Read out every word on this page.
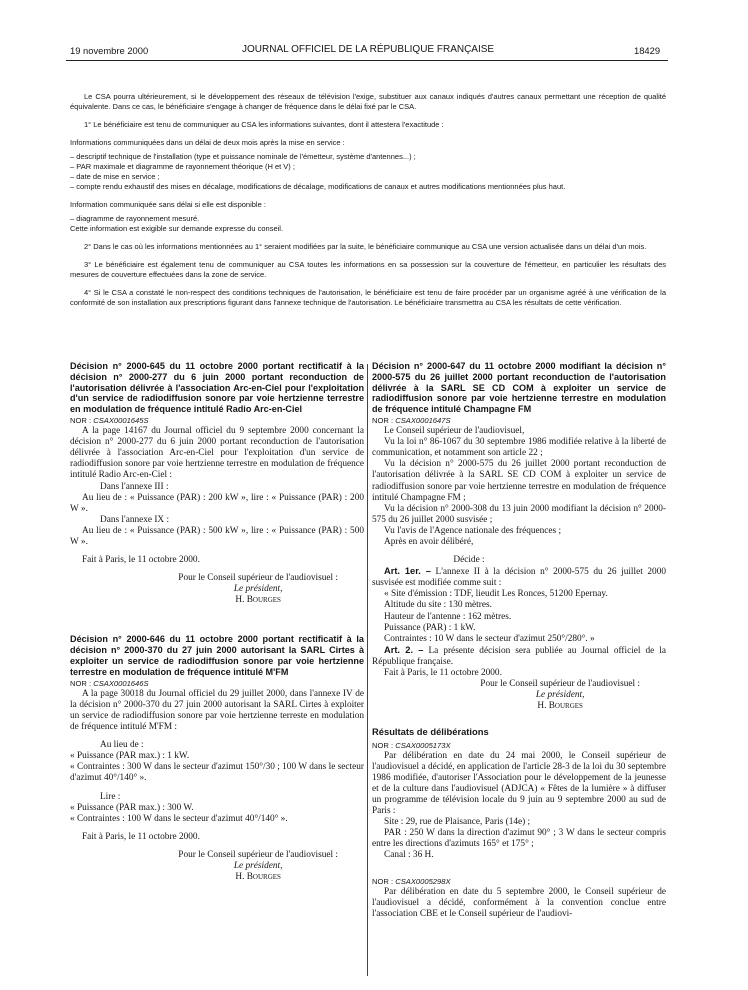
19 novembre 2000	JOURNAL OFFICIEL DE LA RÉPUBLIQUE FRANÇAISE	18429

Le CSA pourra ultérieurement, si le développement des réseaux de télévision l'exige, substituer aux canaux indiqués d'autres canaux permettant une réception de qualité équivalente. Dans ce cas, le bénéficiaire s'engage à changer de fréquence dans le délai fixé par le CSA.

1° Le bénéficiaire est tenu de communiquer au CSA les informations suivantes, dont il attestera l'exactitude :

Informations communiquées dans un délai de deux mois après la mise en service :

– descriptif technique de l'installation (type et puissance nominale de l'émetteur, système d'antennes...) ;

– PAR maximale et diagramme de rayonnement théorique (H et V) ;

– date de mise en service ;

– compte rendu exhaustif des mises en décalage, modifications de décalage, modifications de canaux et autres modifications mentionnées plus haut.

Information communiquée sans délai si elle est disponible :

– diagramme de rayonnement mesuré.

Cette information est exigible sur demande expresse du conseil.

2° Dans le cas où les informations mentionnées au 1° seraient modifiées par la suite, le bénéficiaire communique au CSA une version actualisée dans un délai d'un mois.

3° Le bénéficiaire est également tenu de communiquer au CSA toutes les informations en sa possession sur la couverture de l'émetteur, en particulier les résultats des mesures de couverture effectuées dans la zone de service.

4° Si le CSA a constaté le non-respect des conditions techniques de l'autorisation, le bénéficiaire est tenu de faire procéder par un organisme agréé à une vérification de la conformité de son installation aux prescriptions figurant dans l'annexe technique de l'autorisation. Le bénéficiaire transmettra au CSA les résultats de cette vérification.

Décision n° 2000-645 du 11 octobre 2000 portant rectificatif à la décision n° 2000-277 du 6 juin 2000 portant reconduction de l'autorisation délivrée à l'association Arc-en-Ciel pour l'exploitation d'un service de radiodiffusion sonore par voie hertzienne terrestre en modulation de fréquence intitulé Radio Arc-en-Ciel

NOR : CSAX0001645S

A la page 14167 du Journal officiel du 9 septembre 2000 concernant la décision n° 2000-277 du 6 juin 2000 portant reconduction de l'autorisation délivrée à l'association Arc-en-Ciel pour l'exploitation d'un service de radiodiffusion sonore par voie hertzienne terrestre en modulation de fréquence intitulé Radio Arc-en-Ciel :

Dans l'annexe III :

Au lieu de : « Puissance (PAR) : 200 kW », lire : « Puissance (PAR) : 200 W ».

Dans l'annexe IX :

Au lieu de : « Puissance (PAR) : 500 kW », lire : « Puissance (PAR) : 500 W ».

Fait à Paris, le 11 octobre 2000.

Pour le Conseil supérieur de l'audiovisuel :
Le président,
H. Bourges

Décision n° 2000-646 du 11 octobre 2000 portant rectificatif à la décision n° 2000-370 du 27 juin 2000 autorisant la SARL Cirtes à exploiter un service de radiodiffusion sonore par voie hertzienne terrestre en modulation de fréquence intitulé M'FM

NOR : CSAX0001646S

A la page 30018 du Journal officiel du 29 juillet 2000, dans l'annexe IV de la décision n° 2000-370 du 27 juin 2000 autorisant la SARL Cirtes à exploiter un service de radiodiffusion sonore par voie hertzienne terreste en modulation de fréquence intitulé M'FM :

Au lieu de :

« Puissance (PAR max.) : 1 kW.

« Contraintes : 300 W dans le secteur d'azimut 150°/30 ; 100 W dans le secteur d'azimut 40°/140° ».

Lire :

« Puissance (PAR max.) : 300 W.

« Contraintes : 100 W dans le secteur d'azimut 40°/140° ».

Fait à Paris, le 11 octobre 2000.

Pour le Conseil supérieur de l'audiovisuel :
Le président,
H. Bourges

Décision n° 2000-647 du 11 octobre 2000 modifiant la décision n° 2000-575 du 26 juillet 2000 portant reconduction de l'autorisation délivrée à la SARL SE CD COM à exploiter un service de radiodiffusion sonore par voie hertzienne terrestre en modulation de fréquence intitulé Champagne FM

NOR : CSAX0001647S

Le Conseil supérieur de l'audiovisuel,

Vu la loi n° 86-1067 du 30 septembre 1986 modifiée relative à la liberté de communication, et notamment son article 22 ;

Vu la décision n° 2000-575 du 26 juillet 2000 portant reconduction de l'autorisation délivrée à la SARL SE CD COM à exploiter un service de radiodiffusion sonore par voie hertzienne terrestre en modulation de fréquence intitulé Champagne FM ;

Vu la décision n° 2000-308 du 13 juin 2000 modifiant la décision n° 2000-575 du 26 juillet 2000 susvisée ;

Vu l'avis de l'Agence nationale des fréquences ;

Après en avoir délibéré,

Décide :

Art. 1er. – L'annexe II à la décision n° 2000-575 du 26 juillet 2000 susvisée est modifiée comme suit :

« Site d'émission : TDF, lieudit Les Ronces, 51200 Epernay.

Altitude du site : 130 mètres.

Hauteur de l'antenne : 162 mètres.

Puissance (PAR) : 1 kW.

Contraintes : 10 W dans le secteur d'azimut 250°/280°. »

Art. 2. – La présente décision sera publiée au Journal officiel de la République française.

Fait à Paris, le 11 octobre 2000.

Pour le Conseil supérieur de l'audiovisuel :
Le président,
H. Bourges

Résultats de délibérations

NOR : CSAX0005173X

Par délibération en date du 24 mai 2000, le Conseil supérieur de l'audiovisuel a décidé, en application de l'article 28-3 de la loi du 30 septembre 1986 modifiée, d'autoriser l'Association pour le développement de la jeunesse et de la culture dans l'audiovisuel (ADJCA) « Fêtes de la lumière » à diffuser un programme de télévision locale du 9 juin au 9 septembre 2000 au sud de Paris :

Site : 29, rue de Plaisance, Paris (14e) ;

PAR : 250 W dans la direction d'azimut 90° ; 3 W dans le secteur compris entre les directions d'azimuts 165° et 175° ;

Canal : 36 H.

NOR : CSAX0005298X

Par délibération en date du 5 septembre 2000, le Conseil supérieur de l'audiovisuel a décidé, conformément à la convention conclue entre l'association CBE et le Conseil supérieur de l'audiovi-
